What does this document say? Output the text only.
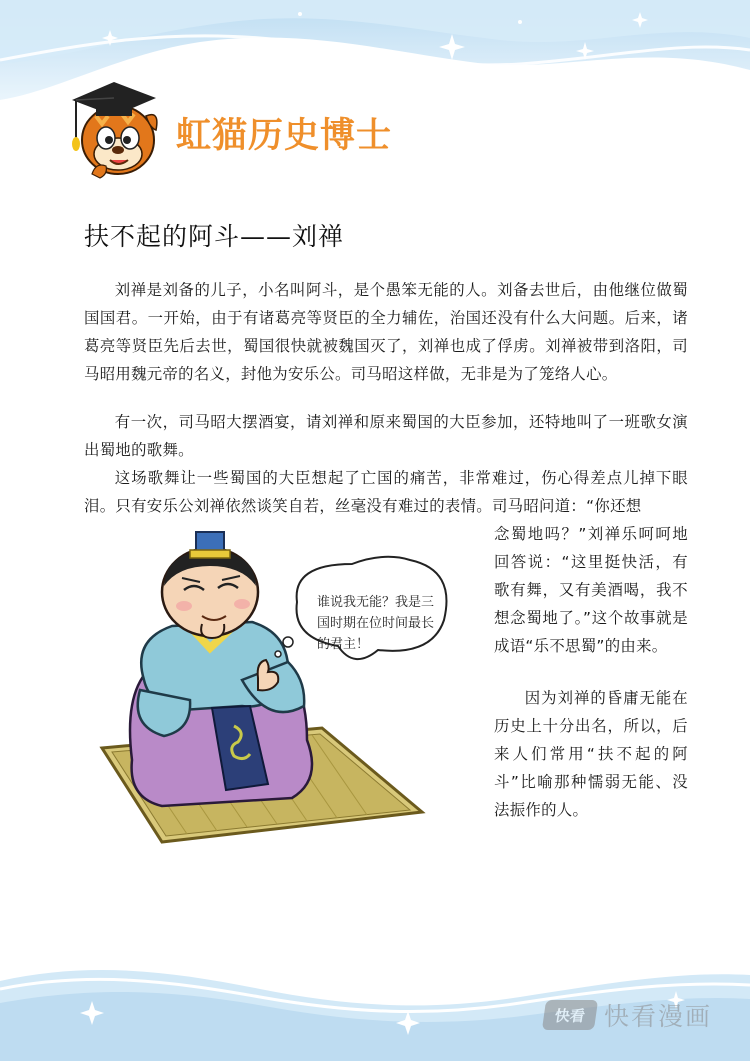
虹猫历史博士
扶不起的阿斗——刘禅

刘禅是刘备的儿子，小名叫阿斗，是个愚笨无能的人。刘备去世后，由他继位做蜀国国君。一开始，由于有诸葛亮等贤臣的全力辅佐，治国还没有什么大问题。后来，诸葛亮等贤臣先后去世，蜀国很快就被魏国灭了，刘禅也成了俘虏。刘禅被带到洛阳，司马昭用魏元帝的名义，封他为安乐公。司马昭这样做，无非是为了笼络人心。

有一次，司马昭大摆酒宴，请刘禅和原来蜀国的大臣参加，还特地叫了一班歌女演出蜀地的歌舞。

这场歌舞让一些蜀国的大臣想起了亡国的痛苦，非常难过，伤心得差点儿掉下眼泪。只有安乐公刘禅依然谈笑自若，丝毫没有难过的表情。司马昭问道：“你还想

念蜀地吗？”刘禅乐呵呵地回答说：“这里挺快活，有歌有舞，又有美酒喝，我不想念蜀地了。”这个故事就是成语“乐不思蜀”的由来。

因为刘禅的昏庸无能在历史上十分出名，所以，后来人们常用“扶不起的阿斗”比喻那种懦弱无能、没法振作的人。

谁说我无能？我是三国时期在位时间最长的君主！
快看 快看漫画
